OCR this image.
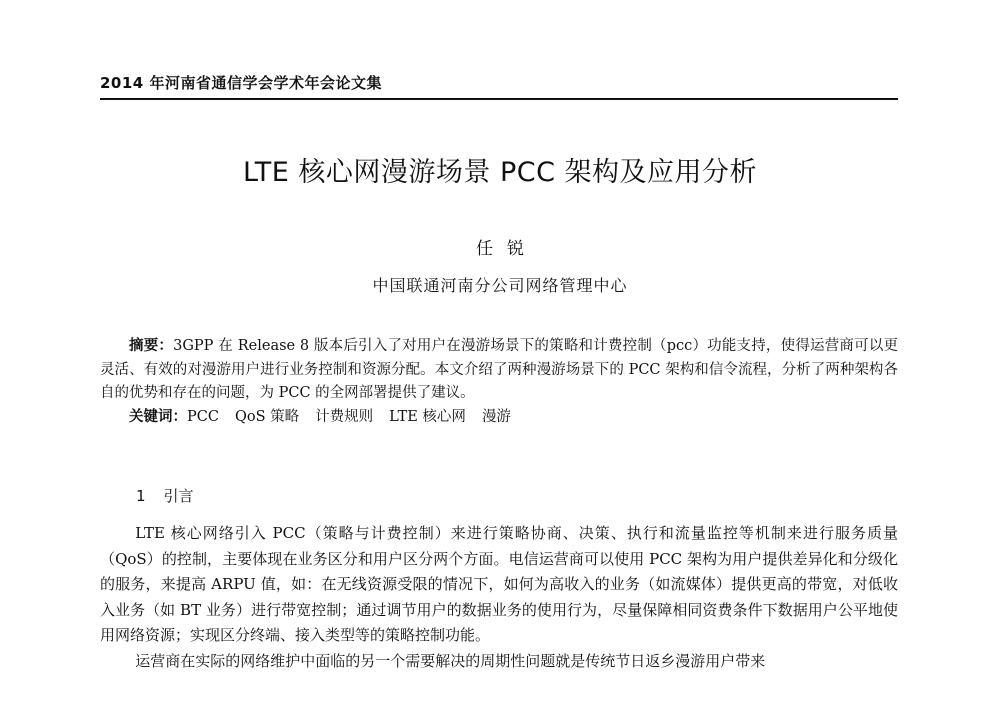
2014 年河南省通信学会学术年会论文集
LTE 核心网漫游场景 PCC 架构及应用分析
任锐
中国联通河南分公司网络管理中心

摘要：3GPP 在 Release 8 版本后引入了对用户在漫游场景下的策略和计费控制（pcc）功能支持，使得运营商可以更灵活、有效的对漫游用户进行业务控制和资源分配。本文介绍了两种漫游场景下的 PCC 架构和信令流程，分析了两种架构各自的优势和存在的问题，为 PCC 的全网部署提供了建议。

关键词：PCC QoS 策略 计费规则 LTE 核心网 漫游
1 引言

LTE 核心网络引入 PCC（策略与计费控制）来进行策略协商、决策、执行和流量监控等机制来进行服务质量（QoS）的控制，主要体现在业务区分和用户区分两个方面。电信运营商可以使用 PCC 架构为用户提供差异化和分级化的服务，来提高 ARPU 值，如：在无线资源受限的情况下，如何为高收入的业务（如流媒体）提供更高的带宽，对低收入业务（如 BT 业务）进行带宽控制；通过调节用户的数据业务的使用行为，尽量保障相同资费条件下数据用户公平地使用网络资源；实现区分终端、接入类型等的策略控制功能。

运营商在实际的网络维护中面临的另一个需要解决的周期性问题就是传统节日返乡漫游用户带来
